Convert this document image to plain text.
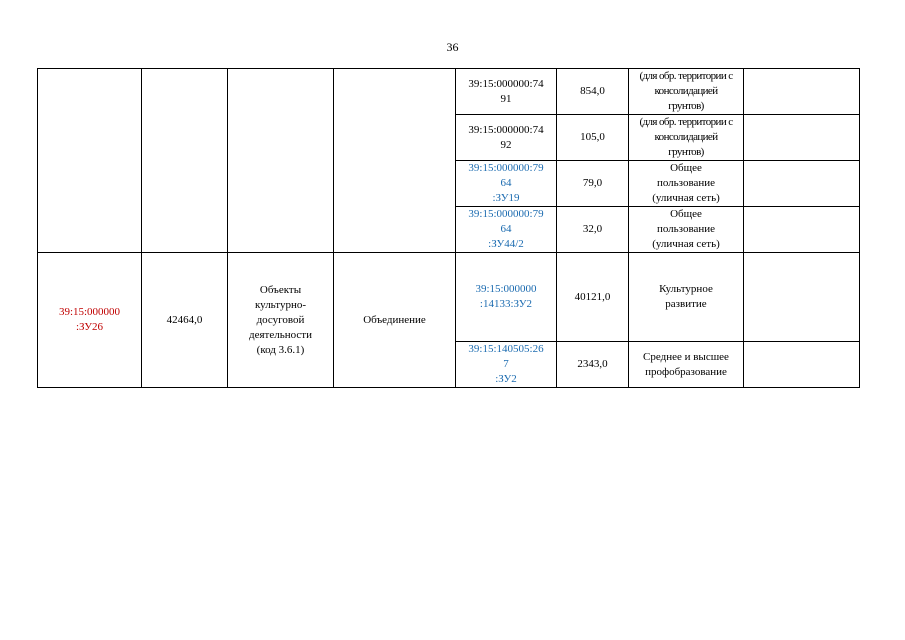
36

				39:15:000000:74
91	854,0	(для обр. территории с
консолидацией
грунтов)	

				39:15:000000:74
92	105,0	(для обр. территории с
консолидацией
грунтов)	

				39:15:000000:79
64
:ЗУ19	79,0	Общее
пользование
(уличная сеть)	

				39:15:000000:79
64
:ЗУ44/2	32,0	Общее
пользование
(уличная сеть)	

39:15:000000
:ЗУ26	42464,0	Объекты
культурно-
досуговой
деятельности
(код 3.6.1)	Объединение	39:15:000000
:14133:ЗУ2	40121,0	Культурное
развитие	

				39:15:140505:26
7
:ЗУ2	2343,0	Среднее и высшее
профобразование	
